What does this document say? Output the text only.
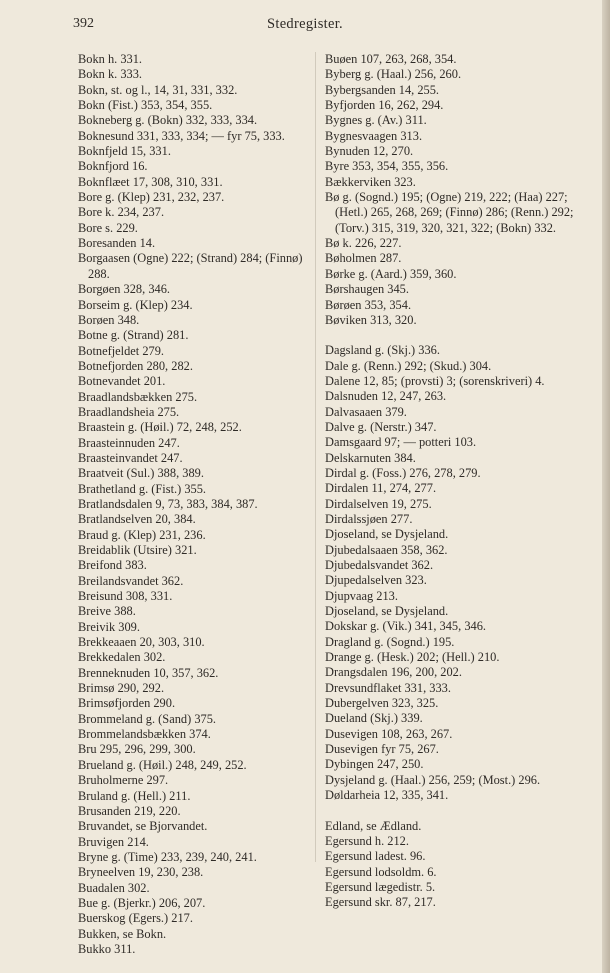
392	Stedregister.
Bokn h. 331.
Bokn k. 333.
Bokn, st. og l., 14, 31, 331, 332.
Bokn (Fist.) 353, 354, 355.
Bokneberg g. (Bokn) 332, 333, 334.
Boknesund 331, 333, 334; — fyr 75, 333.
Boknfjeld 15, 331.
Boknfjord 16.
Boknflæet 17, 308, 310, 331.
Bore g. (Klep) 231, 232, 237.
Bore k. 234, 237.
Bore s. 229.
Boresanden 14.
Borgaasen (Ogne) 222; (Strand) 284; (Finnø) 288.
Borgøen 328, 346.
Borseim g. (Klep) 234.
Borøen 348.
Botne g. (Strand) 281.
Botnefjeldet 279.
Botnefjorden 280, 282.
Botnevandet 201.
Braadlandsbækken 275.
Braadlandsheia 275.
Braastein g. (Høil.) 72, 248, 252.
Braasteinnuden 247.
Braasteinvandet 247.
Braatveit (Sul.) 388, 389.
Brathetland g. (Fist.) 355.
Bratlandsdalen 9, 73, 383, 384, 387.
Bratlandselven 20, 384.
Braud g. (Klep) 231, 236.
Breidablik (Utsire) 321.
Breifond 383.
Breilandsvandet 362.
Breisund 308, 331.
Breive 388.
Breivik 309.
Brekkeaaen 20, 303, 310.
Brekkedalen 302.
Brenneknuden 10, 357, 362.
Brimsø 290, 292.
Brimsøfjorden 290.
Brommeland g. (Sand) 375.
Brommelandsbækken 374.
Bru 295, 296, 299, 300.
Brueland g. (Høil.) 248, 249, 252.
Bruholmerne 297.
Bruland g. (Hell.) 211.
Brusanden 219, 220.
Bruvandet, se Bjorvandet.
Bruvigen 214.
Bryne g. (Time) 233, 239, 240, 241.
Bryneelven 19, 230, 238.
Buadalen 302.
Bue g. (Bjerkr.) 206, 207.
Buerskog (Egers.) 217.
Bukken, se Bokn.
Bukko 311.
Buøen 107, 263, 268, 354.
Byberg g. (Haal.) 256, 260.
Bybergsanden 14, 255.
Byfjorden 16, 262, 294.
Bygnes g. (Av.) 311.
Bygnesvaagen 313.
Bynuden 12, 270.
Byre 353, 354, 355, 356.
Bækkerviken 323.
Bø g. (Sognd.) 195; (Ogne) 219, 222; (Haa) 227; (Hetl.) 265, 268, 269; (Finnø) 286; (Renn.) 292; (Torv.) 315, 319, 320, 321, 322; (Bokn) 332.
Bø k. 226, 227.
Bøholmen 287.
Børke g. (Aard.) 359, 360.
Børshaugen 345.
Børøen 353, 354.
Bøviken 313, 320.
Dagsland g. (Skj.) 336.
Dale g. (Renn.) 292; (Skud.) 304.
Dalene 12, 85; (provsti) 3; (sorenskriveri) 4.
Dalsnuden 12, 247, 263.
Dalvasaaen 379.
Dalve g. (Nerstr.) 347.
Damsgaard 97; — potteri 103.
Delskarnuten 384.
Dirdal g. (Foss.) 276, 278, 279.
Dirdalen 11, 274, 277.
Dirdalselven 19, 275.
Dirdalssjøen 277.
Djoseland, se Dysjeland.
Djubedalsaaen 358, 362.
Djubedalsvandet 362.
Djupedalselven 323.
Djupvaag 213.
Djoseland, se Dysjeland.
Dokskar g. (Vik.) 341, 345, 346.
Dragland g. (Sognd.) 195.
Drange g. (Hesk.) 202; (Hell.) 210.
Drangsdalen 196, 200, 202.
Drevsundflaket 331, 333.
Dubergelven 323, 325.
Dueland (Skj.) 339.
Dusevigen 108, 263, 267.
Dusevigen fyr 75, 267.
Dybingen 247, 250.
Dysjeland g. (Haal.) 256, 259; (Most.) 296.
Døldarheia 12, 335, 341.
Edland, se Ædland.
Egersund h. 212.
Egersund ladest. 96.
Egersund lodsoldm. 6.
Egersund lægedistr. 5.
Egersund skr. 87, 217.
